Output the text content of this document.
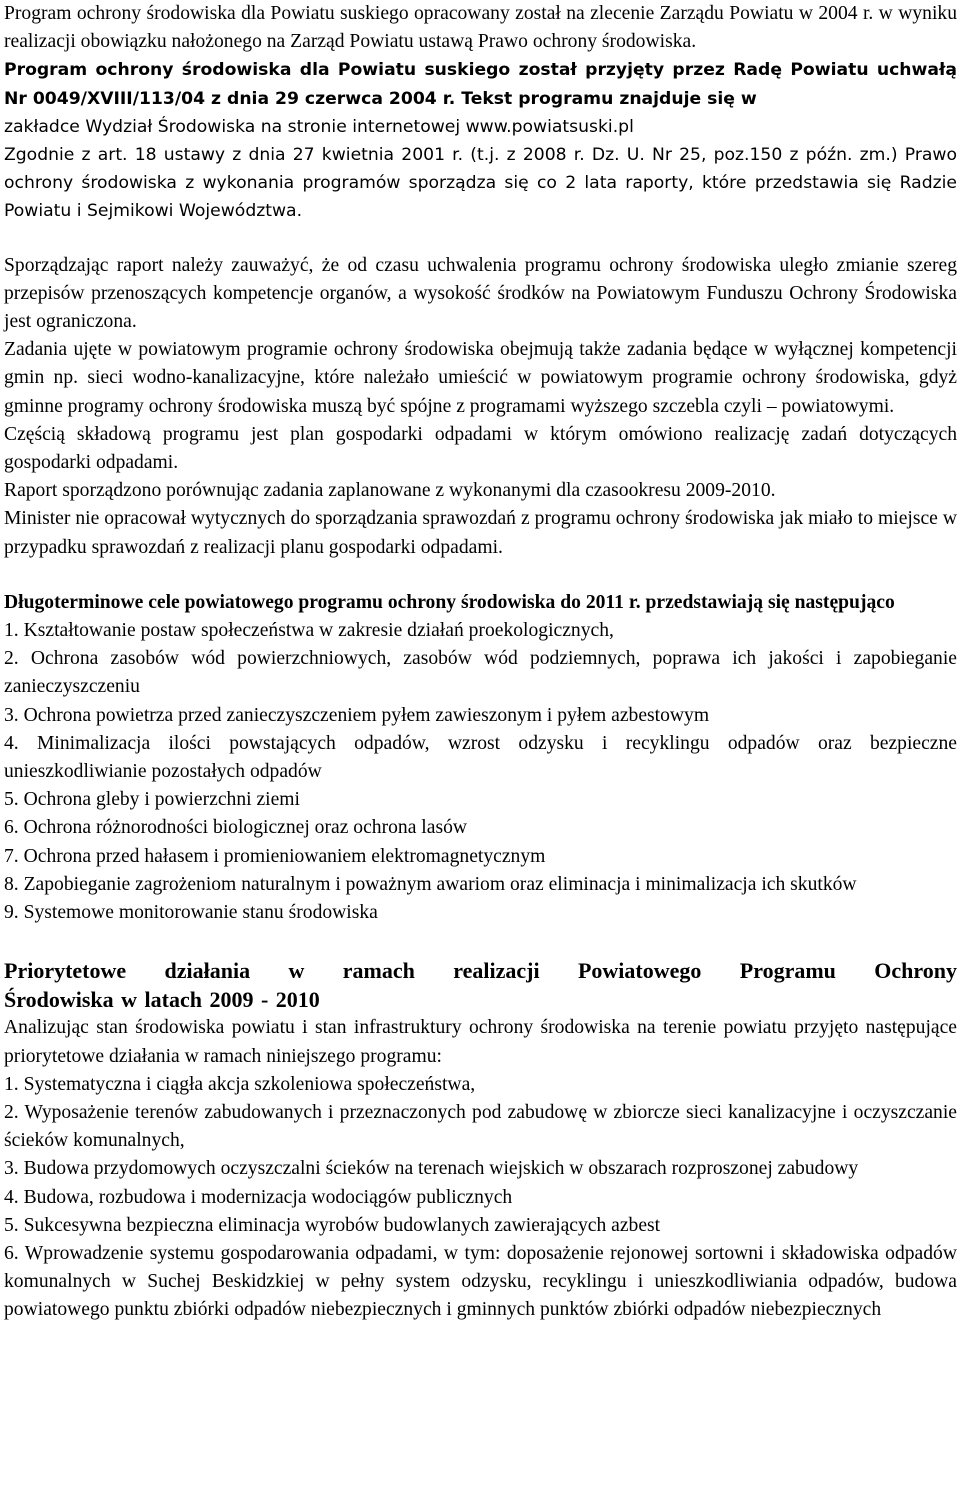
Program ochrony środowiska dla Powiatu suskiego opracowany został na zlecenie Zarządu Powiatu w 2004 r. w wyniku realizacji obowiązku nałożonego na Zarząd Powiatu ustawą Prawo ochrony środowiska.

Program ochrony środowiska dla Powiatu suskiego został przyjęty przez Radę Powiatu uchwałą Nr 0049/XVIII/113/04 z dnia 29 czerwca 2004 r. Tekst programu znajduje się w

zakładce Wydział Środowiska na stronie internetowej www.powiatsuski.pl

Zgodnie z art. 18 ustawy z dnia 27 kwietnia 2001 r. (t.j. z 2008 r. Dz. U. Nr 25, poz.150 z późn. zm.) Prawo ochrony środowiska z wykonania programów sporządza się co 2 lata raporty, które przedstawia się Radzie Powiatu i Sejmikowi Województwa.

Sporządzając raport należy zauważyć, że od czasu uchwalenia programu ochrony środowiska uległo zmianie szereg przepisów przenoszących kompetencje organów, a wysokość środków na Powiatowym Funduszu Ochrony Środowiska jest ograniczona.

Zadania ujęte w powiatowym programie ochrony środowiska obejmują także zadania będące w wyłącznej kompetencji gmin np. sieci wodno-kanalizacyjne, które należało umieścić w powiatowym programie ochrony środowiska, gdyż gminne programy ochrony środowiska muszą być spójne z programami wyższego szczebla czyli – powiatowymi.

Częścią składową programu jest plan gospodarki odpadami w którym omówiono realizację zadań dotyczących gospodarki odpadami.

Raport sporządzono porównując zadania zaplanowane z wykonanymi dla czasookresu 2009-2010.

Minister nie opracował wytycznych do sporządzania sprawozdań z programu ochrony środowiska jak miało to miejsce w przypadku sprawozdań z realizacji planu gospodarki odpadami.

Długoterminowe cele powiatowego programu ochrony środowiska do 2011 r. przedstawiają się następująco

1. Kształtowanie postaw społeczeństwa w zakresie działań proekologicznych,

2. Ochrona zasobów wód powierzchniowych, zasobów wód podziemnych, poprawa ich jakości i zapobieganie zanieczyszczeniu

3. Ochrona powietrza przed zanieczyszczeniem pyłem zawieszonym i pyłem azbestowym

4. Minimalizacja ilości powstających odpadów, wzrost odzysku i recyklingu odpadów oraz bezpieczne unieszkodliwianie pozostałych odpadów

5. Ochrona gleby i powierzchni ziemi

6. Ochrona różnorodności biologicznej oraz ochrona lasów

7. Ochrona przed hałasem i promieniowaniem elektromagnetycznym

8. Zapobieganie zagrożeniom naturalnym i poważnym awariom oraz eliminacja i minimalizacja ich skutków

9. Systemowe monitorowanie stanu środowiska

Priorytetowe działania w ramach realizacji Powiatowego Programu Ochrony
Środowiska w latach 2009 - 2010

Analizując stan środowiska powiatu i stan infrastruktury ochrony środowiska na terenie powiatu przyjęto następujące priorytetowe działania w ramach niniejszego programu:

1. Systematyczna i ciągła akcja szkoleniowa społeczeństwa,

2. Wyposażenie terenów zabudowanych i przeznaczonych pod zabudowę w zbiorcze sieci kanalizacyjne i oczyszczanie ścieków komunalnych,

3. Budowa przydomowych oczyszczalni ścieków na terenach wiejskich w obszarach rozproszonej zabudowy

4. Budowa, rozbudowa i modernizacja wodociągów publicznych

5. Sukcesywna bezpieczna eliminacja wyrobów budowlanych zawierających azbest

6. Wprowadzenie systemu gospodarowania odpadami, w tym: doposażenie rejonowej sortowni i składowiska odpadów komunalnych w Suchej Beskidzkiej w pełny system odzysku, recyklingu i unieszkodliwiania odpadów, budowa powiatowego punktu zbiórki odpadów niebezpiecznych i gminnych punktów zbiórki odpadów niebezpiecznych
